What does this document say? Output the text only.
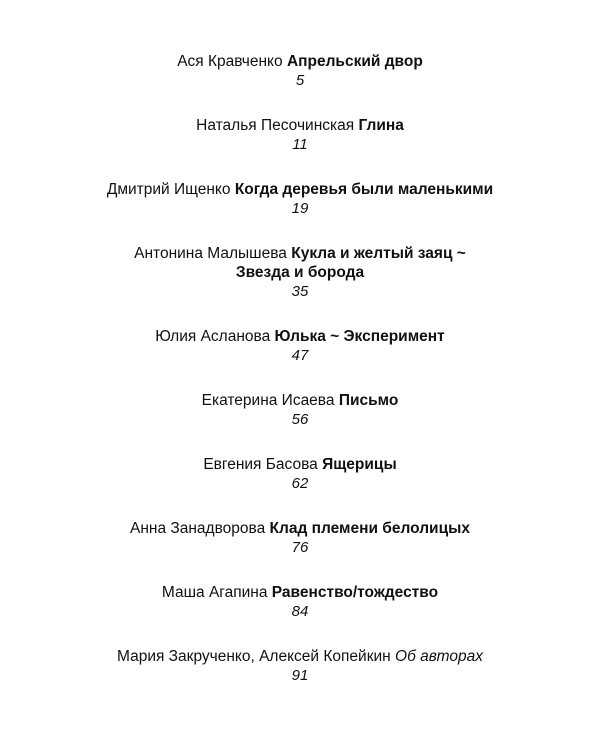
Ася Кравченко Апрельский двор
5
Наталья Песочинская Глина
11
Дмитрий Ищенко Когда деревья были маленькими
19
Антонина Малышева Кукла и желтый заяц ~
Звезда и борода
35
Юлия Асланова Юлька ~ Эксперимент
47
Екатерина Исаева Письмо
56
Евгения Басова Ящерицы
62
Анна Занадворова Клад племени белолицых
76
Маша Агапина Равенство/тождество
84
Мария Закрученко, Алексей Копейкин Об авторах
91
